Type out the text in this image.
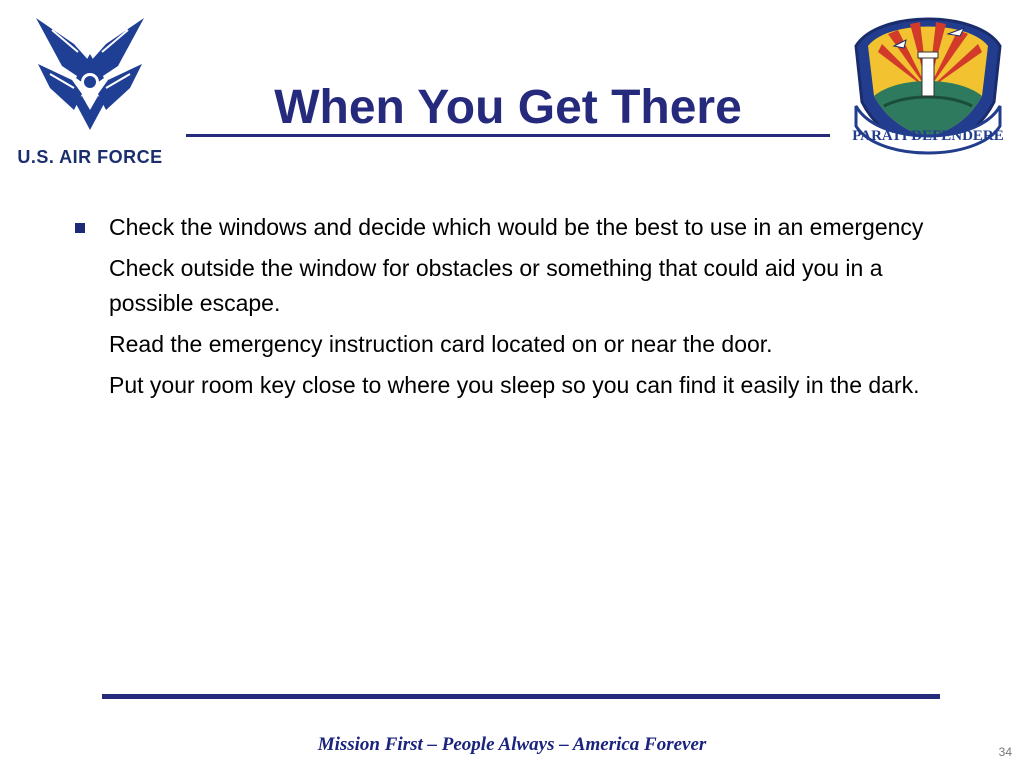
U.S. AIR FORCE
When You Get There
PARATI DEFENDERE
Check the windows and decide which would be the best to use in an emergency
Check outside the window for obstacles or something that could aid you in a possible escape.
Read the emergency instruction card located on or near the door.
Put your room key close to where you sleep so you can find it easily in the dark.
Mission First – People Always – America Forever	34
